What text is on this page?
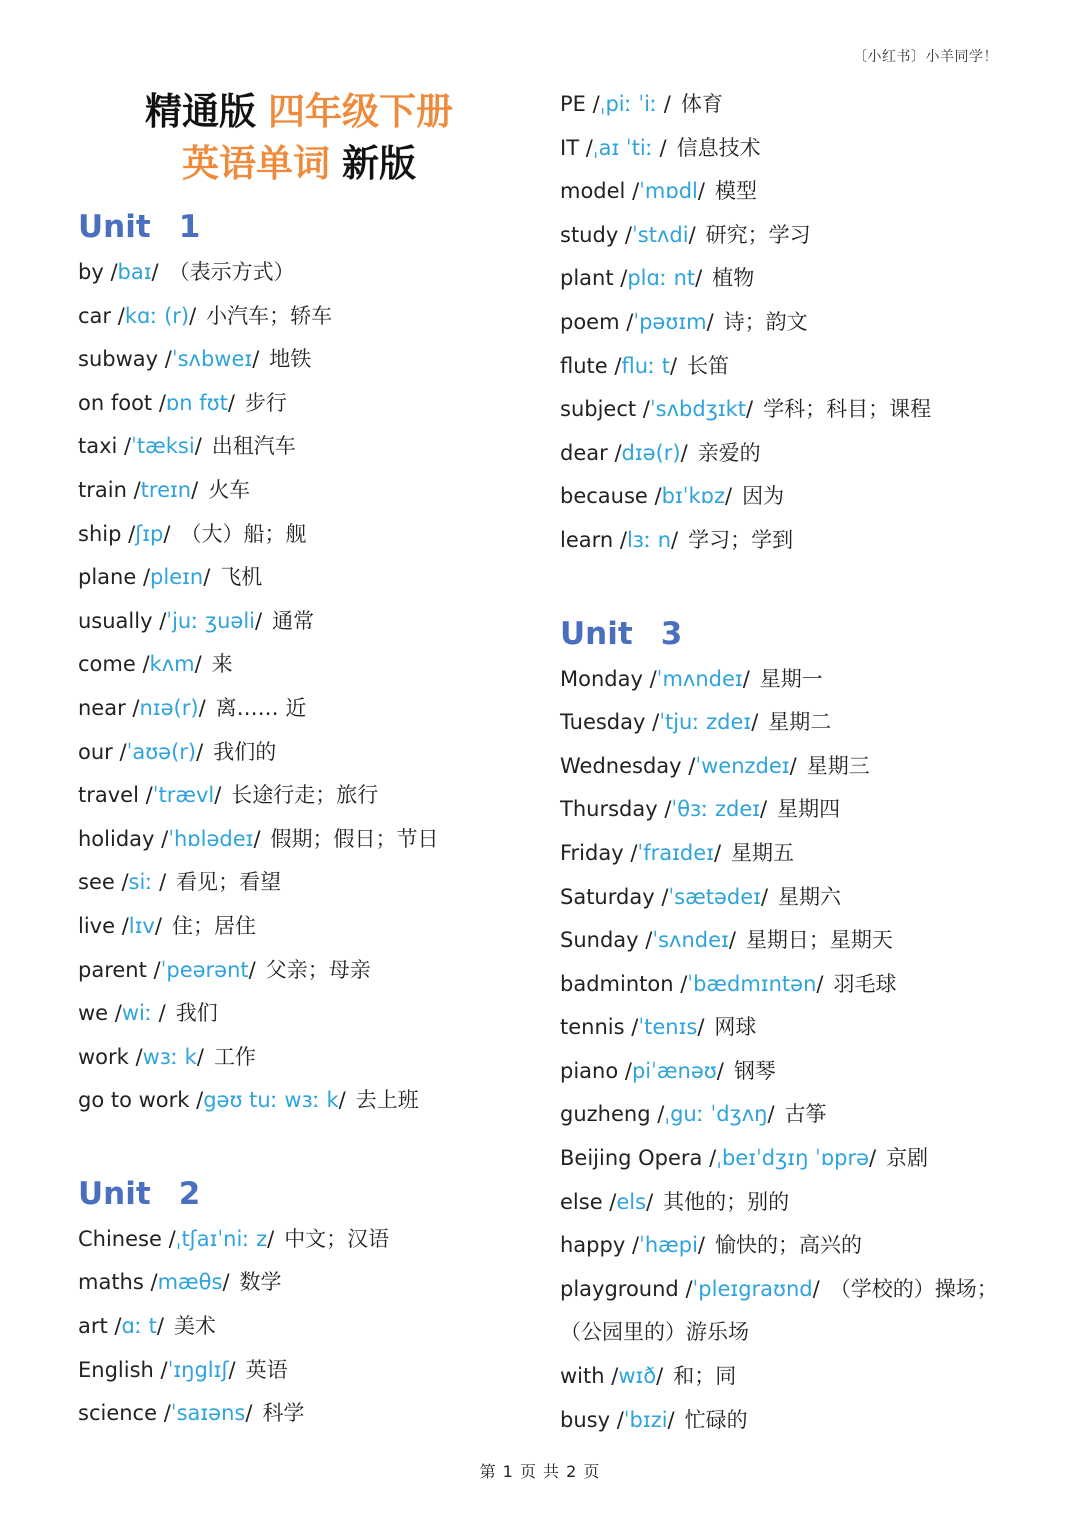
〔小红书〕小羊同学！
精通版 四年级下册
英语单词 新版
Unit 1
by /baɪ/ （表示方式）
car /kɑː (r)/ 小汽车；轿车
subway /ˈsʌbweɪ/ 地铁
on foot /ɒn fʊt/ 步行
taxi /ˈtæksi/ 出租汽车
train /treɪn/ 火车
ship /ʃɪp/ （大）船；舰
plane /pleɪn/ 飞机
usually /ˈjuː ʒuəli/ 通常
come /kʌm/ 来
near /nɪə(r)/ 离…… 近
our /ˈaʊə(r)/ 我们的
travel /ˈtrævl/ 长途行走；旅行
holiday /ˈhɒlədeɪ/ 假期；假日；节日
see /siː / 看见；看望
live /lɪv/ 住；居住
parent /ˈpeərənt/ 父亲；母亲
we /wiː / 我们
work /wɜː k/ 工作
go to work /gəʊ tuː wɜː k/ 去上班
Unit 2
Chinese /ˌtʃaɪˈniː z/ 中文；汉语
maths /mæθs/ 数学
art /ɑː t/ 美术
English /ˈɪŋglɪʃ/ 英语
science /ˈsaɪəns/ 科学
PE /ˌpiː ˈiː / 体育
IT /ˌaɪ ˈtiː / 信息技术
model /ˈmɒdl/ 模型
study /ˈstʌdi/ 研究；学习
plant /plɑː nt/ 植物
poem /ˈpəʊɪm/ 诗；韵文
flute /fluː t/ 长笛
subject /ˈsʌbdʒɪkt/ 学科；科目；课程
dear /dɪə(r)/ 亲爱的
because /bɪˈkɒz/ 因为
learn /lɜː n/ 学习；学到
Unit 3
Monday /ˈmʌndeɪ/ 星期一
Tuesday /ˈtjuː zdeɪ/ 星期二
Wednesday /ˈwenzdeɪ/ 星期三
Thursday /ˈθɜː zdeɪ/ 星期四
Friday /ˈfraɪdeɪ/ 星期五
Saturday /ˈsætədeɪ/ 星期六
Sunday /ˈsʌndeɪ/ 星期日；星期天
badminton /ˈbædmɪntən/ 羽毛球
tennis /ˈtenɪs/ 网球
piano /piˈænəʊ/ 钢琴
guzheng /ˌguː ˈdʒʌŋ/ 古筝
Beijing Opera /ˌbeɪˈdʒɪŋ ˈɒprə/ 京剧
else /els/ 其他的；别的
happy /ˈhæpi/ 愉快的；高兴的
playground /ˈpleɪgraʊnd/ （学校的）操场；
（公园里的）游乐场
with /wɪð/ 和；同
busy /ˈbɪzi/ 忙碌的
第 1 页 共 2 页
